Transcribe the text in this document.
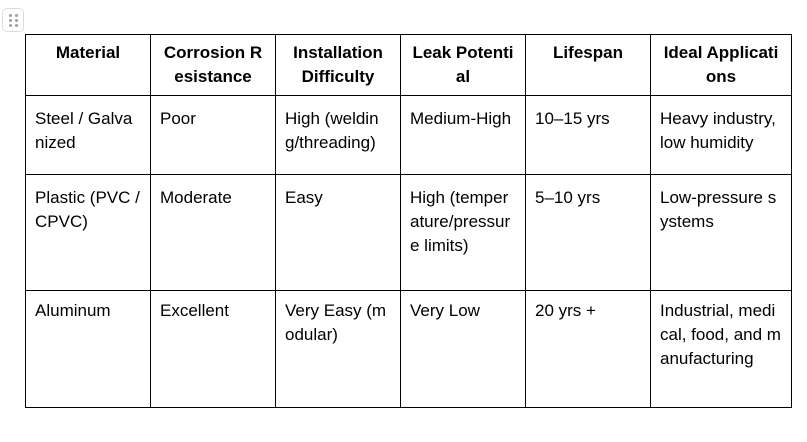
Material	Corrosion Resistance	Installation Difficulty	Leak Potential	Lifespan	Ideal Applications
Steel / Galvanized	Poor	High (welding/threading)	Medium-High	10–15 yrs	Heavy industry, low humidity
Plastic (PVC / CPVC)	Moderate	Easy	High (temperature/pressure limits)	5–10 yrs	Low-pressure systems
Aluminum	Excellent	Very Easy (modular)	Very Low	20 yrs +	Industrial, medical, food, and manufacturing
